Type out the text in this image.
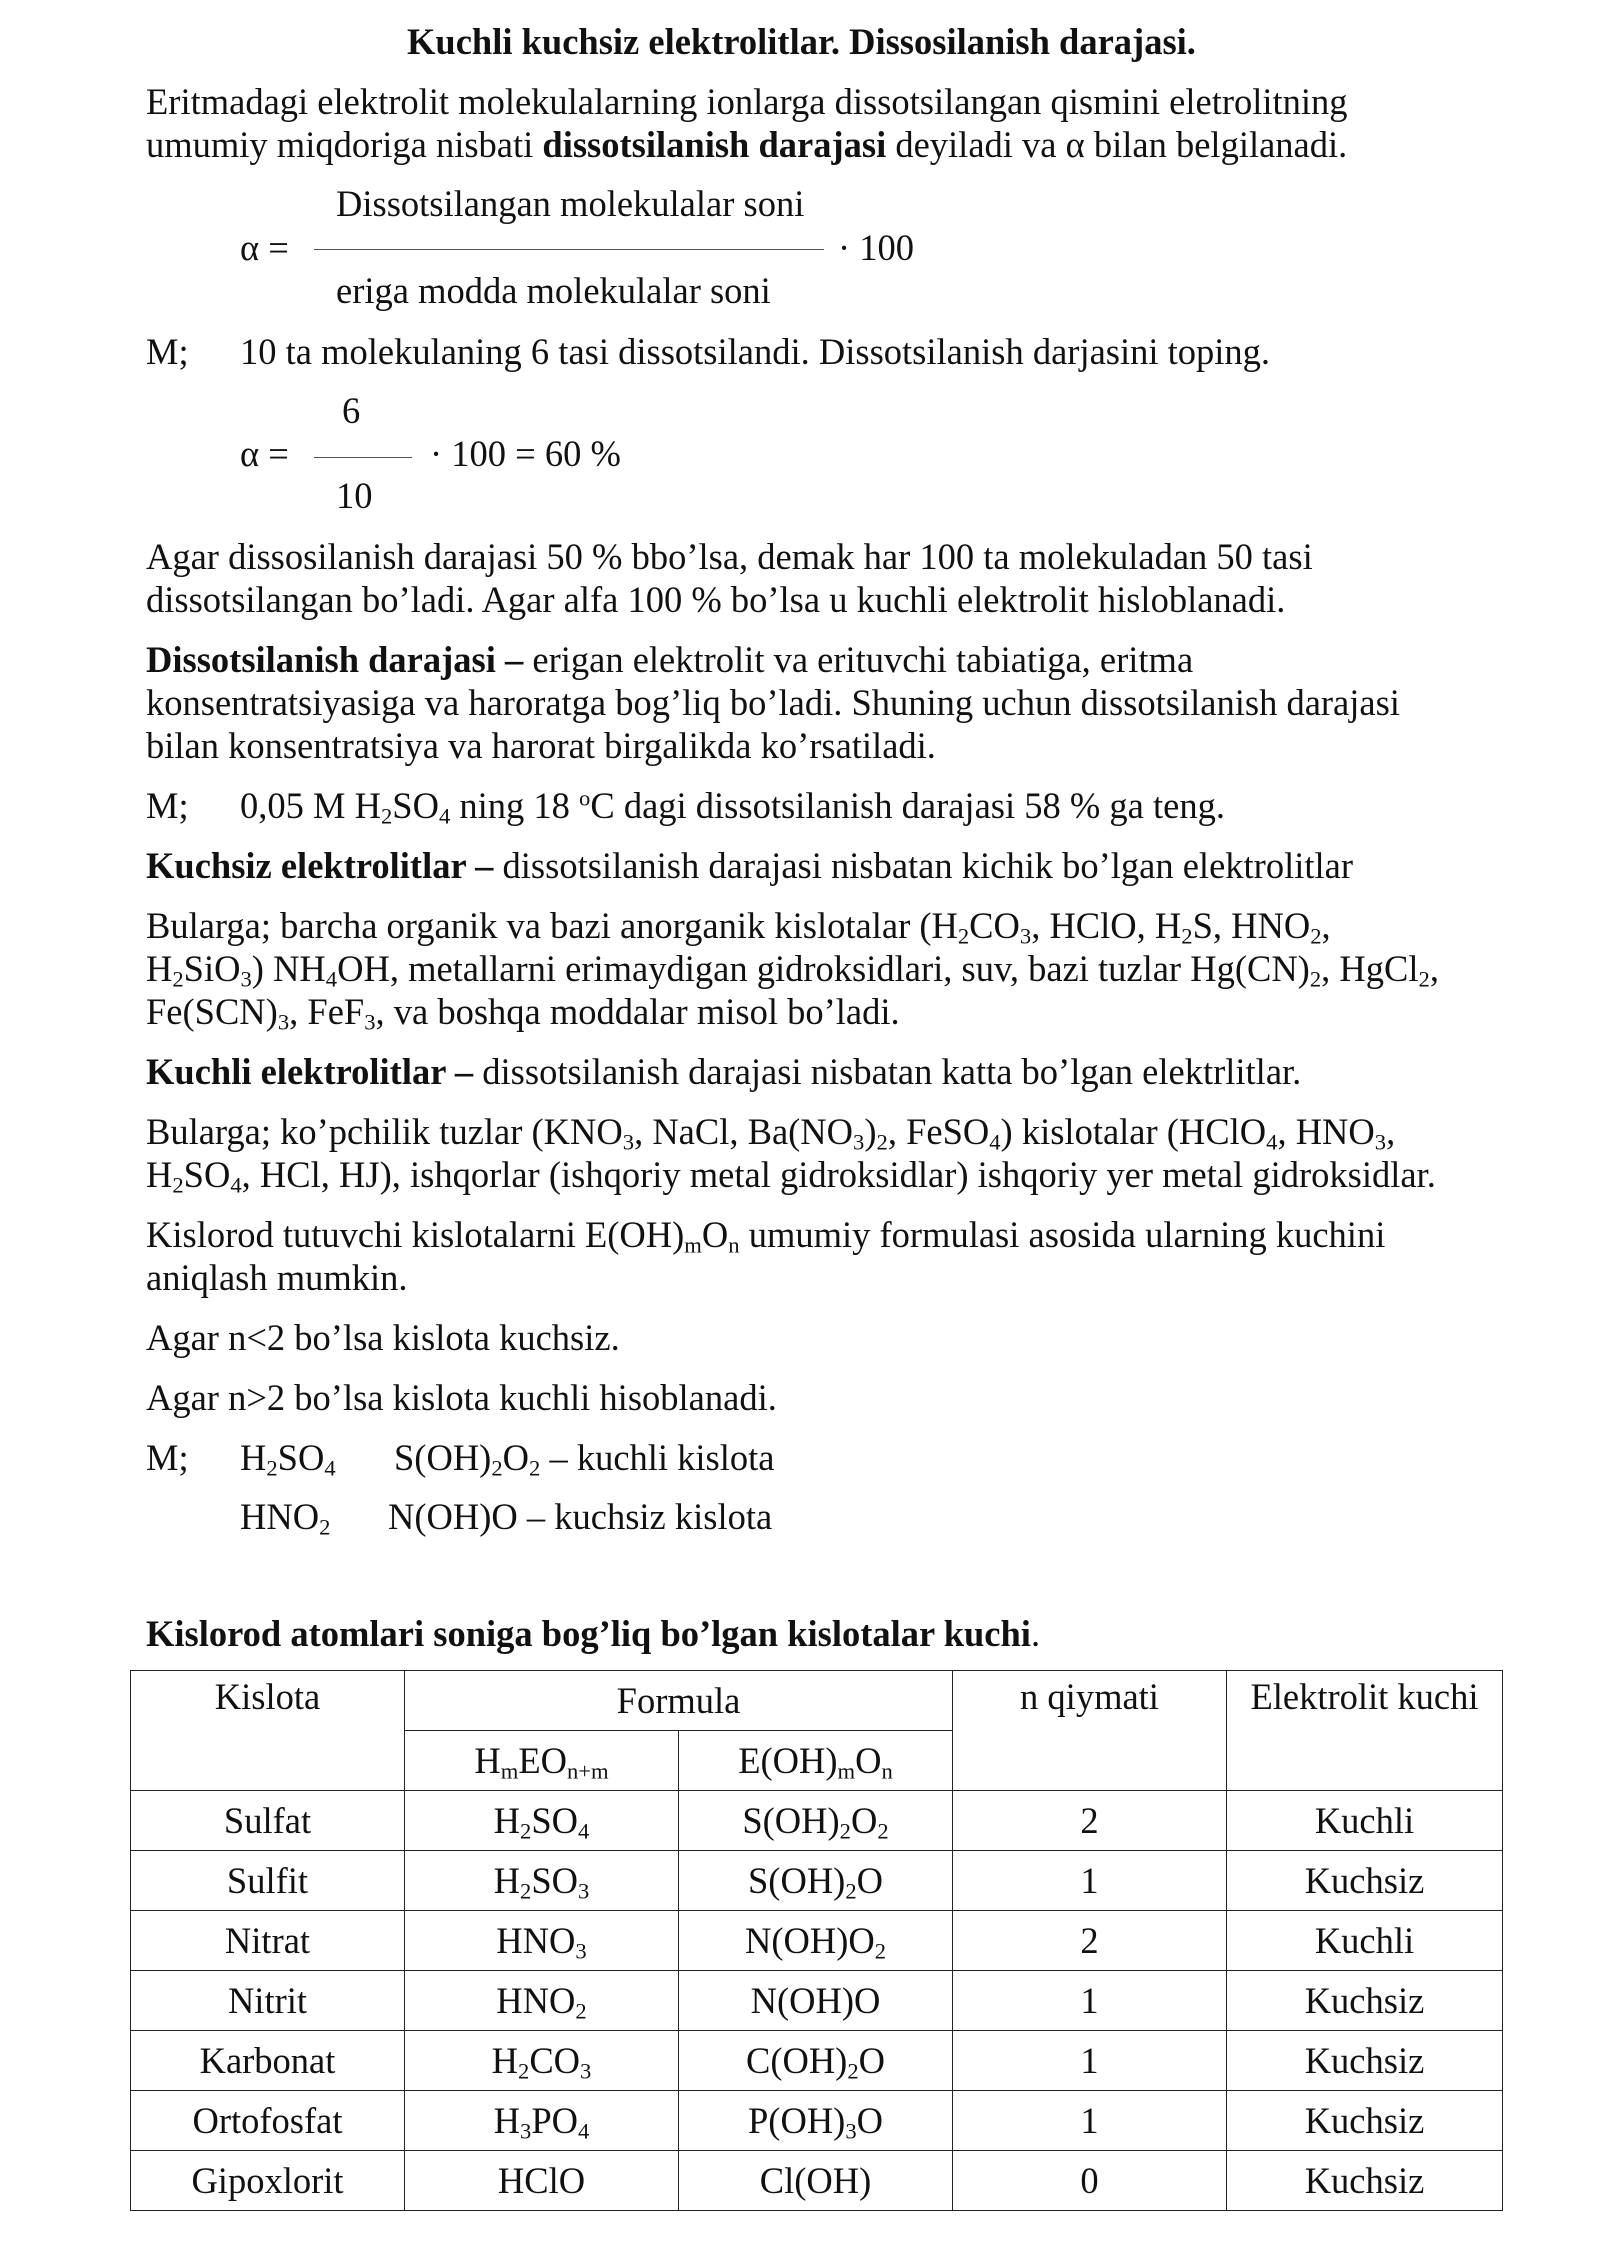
Kuchli kuchsiz elektrolitlar. Dissosilanish darajasi.
Eritmadagi elektrolit molekulalarning ionlarga dissotsilangan qismini eletrolitning
umumiy miqdoriga nisbati dissotsilanish darajasi deyiladi va α bilan belgilanadi.
Dissotsilangan molekulalar soni
α =	· 100
eriga modda molekulalar soni
M; 10 ta molekulaning 6 tasi dissotsilandi. Dissotsilanish darjasini toping.
6
α =	· 100 = 60 %
10
Agar dissosilanish darajasi 50 % bbo’lsa, demak har 100 ta molekuladan 50 tasi
dissotsilangan bo’ladi. Agar alfa 100 % bo’lsa u kuchli elektrolit hisloblanadi.
Dissotsilanish darajasi – erigan elektrolit va erituvchi tabiatiga, eritma
konsentratsiyasiga va haroratga bog’liq bo’ladi. Shuning uchun dissotsilanish darajasi
bilan konsentratsiya va harorat birgalikda ko’rsatiladi.
M; 0,05 M $H_2SO_4$ ning 18 $^o$C dagi dissotsilanish darajasi 58 % ga teng.
Kuchsiz elektrolitlar – dissotsilanish darajasi nisbatan kichik bo’lgan elektrolitlar
Bularga; barcha organik va bazi anorganik kislotalar ($H_2CO_3$, HClO, $H_2S$, $HNO_2$,
$H_2SiO_3$) $NH_4OH$, metallarni erimaydigan gidroksidlari, suv, bazi tuzlar $Hg(CN)_2$, HgCl$_2$,
$Fe(SCN)_3$, FeF$_3$, va boshqa moddalar misol bo’ladi.
Kuchli elektrolitlar – dissotsilanish darajasi nisbatan katta bo’lgan elektrlitlar.
Bularga; ko’pchilik tuzlar ($KNO_3$, NaCl, $Ba(NO_3)_2$, FeSO$_4$) kislotalar (HClO$_4$, $HNO_3$,
$H_2SO_4$, HCl, HJ), ishqorlar (ishqoriy metal gidroksidlar) ishqoriy yer metal gidroksidlar.
Kislorod tutuvchi kislotalarni $E(OH)_mO_n$ umumiy formulasi asosida ularning kuchini
aniqlash mumkin.
Agar n<2 bo’lsa kislota kuchsiz.
Agar n>2 bo’lsa kislota kuchli hisoblanadi.
M; $H_2SO_4$ $S(OH)_2O_2$ – kuchli kislota
$HNO_2$ N(OH)O – kuchsiz kislota
Kislorod atomlari soniga bog’liq bo’lgan kislotalar kuchi.
Kislota	Formula		n qiymati	Elektrolit kuchi
	$H_mEO_{n+m}$	$E(OH)_mO_n$
Sulfat	$H_2SO_4$	$S(OH)_2O_2$	2	Kuchli
Sulfit	$H_2SO_3$	$S(OH)_2O$	1	Kuchsiz
Nitrat	$HNO_3$	$N(OH)O_2$	2	Kuchli
Nitrit	$HNO_2$	N(OH)O	1	Kuchsiz
Karbonat	$H_2CO_3$	$C(OH)_2O$	1	Kuchsiz
Ortofosfat	$H_3PO_4$	$P(OH)_3O$	1	Kuchsiz
Gipoxlorit	HClO	Cl(OH)	0	Kuchsiz
